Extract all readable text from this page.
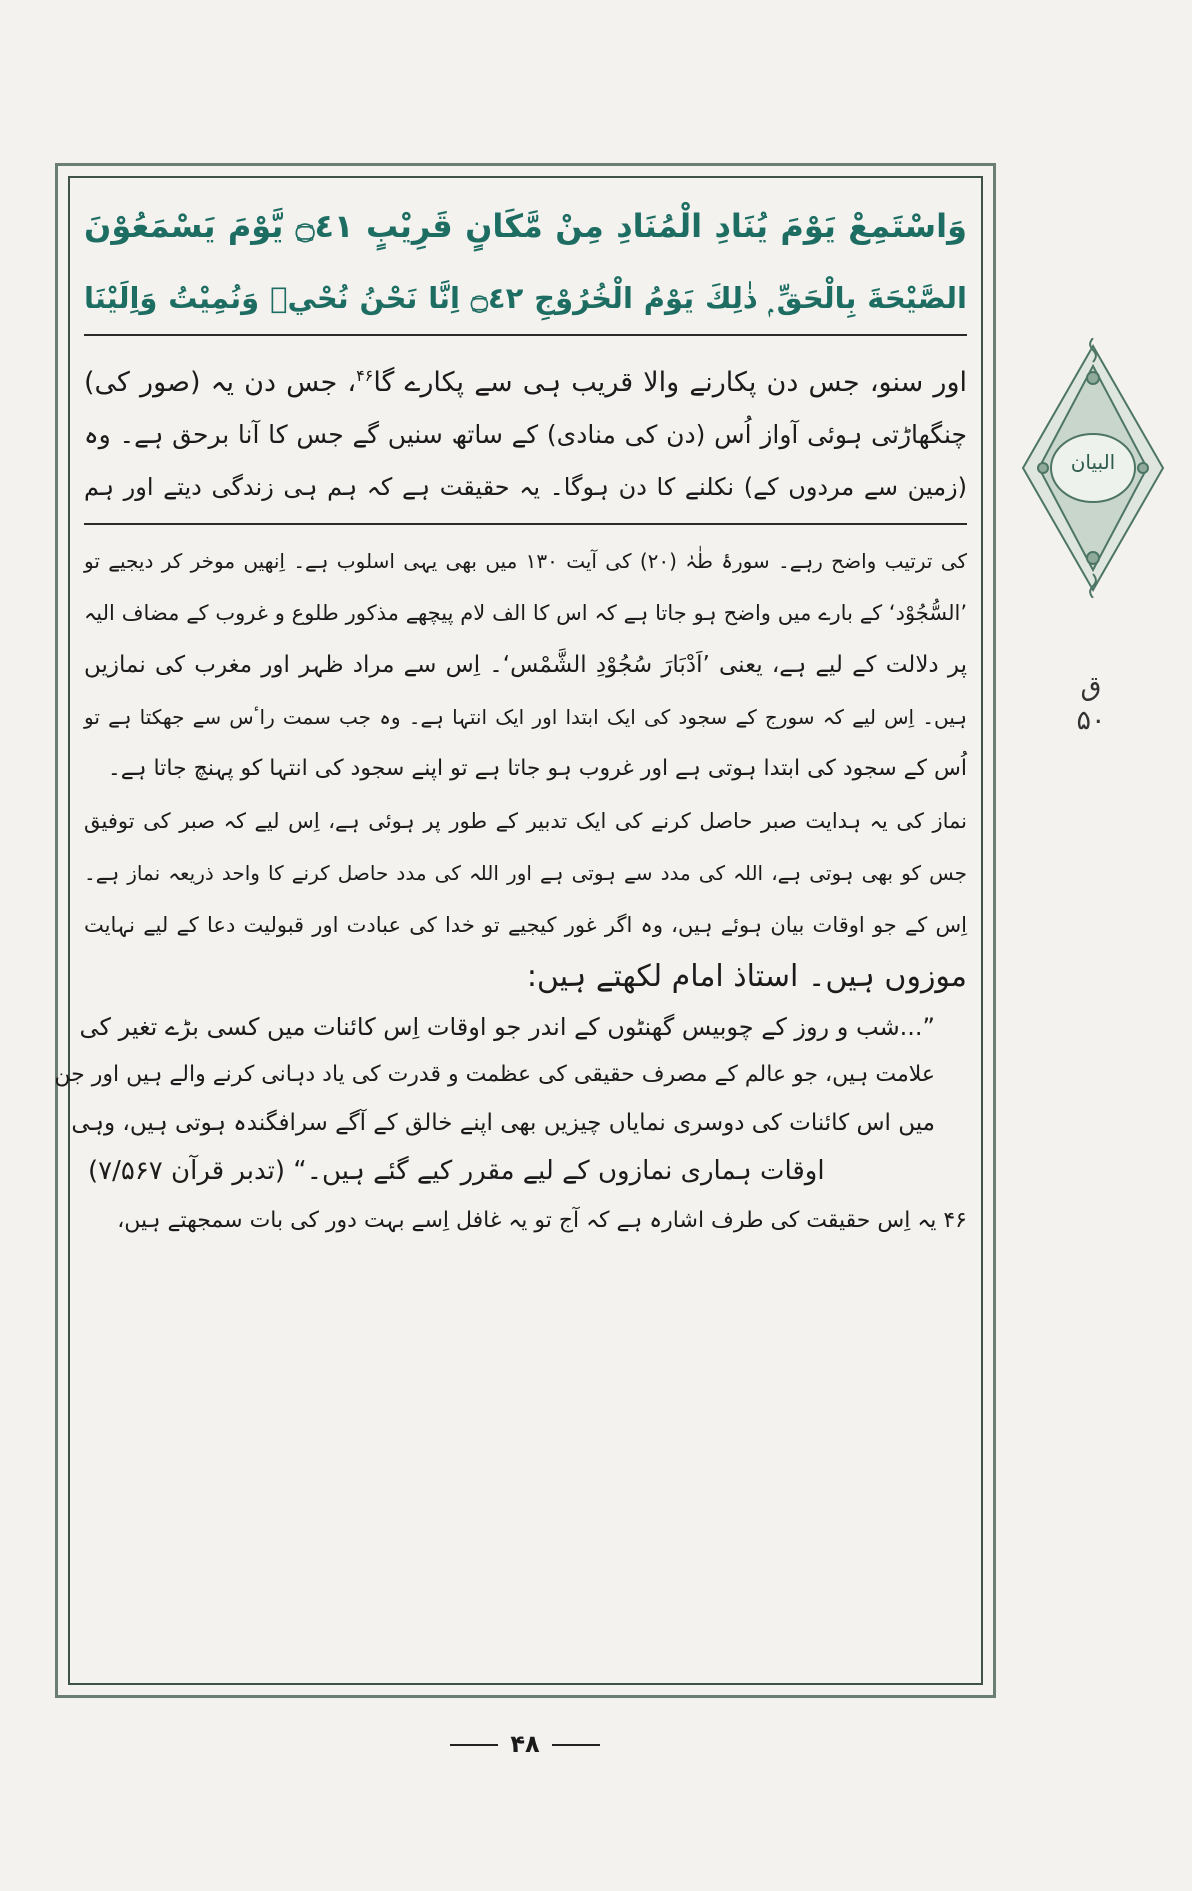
وَاسْتَمِعْ يَوْمَ يُنَادِ الْمُنَادِ مِنْ مَّكَانٍ قَرِيْبٍ ۝٤١ يَّوْمَ يَسْمَعُوْنَ

الصَّيْحَةَ بِالْحَقِّ ۭ ذٰلِكَ يَوْمُ الْخُرُوْجِ ۝٤٢ اِنَّا نَحْنُ نُحْيٖ وَنُمِيْتُ وَاِلَيْنَا

اور سنو، جس دن پکارنے والا قریب ہی سے پکارے گا$^{۴۶}$، جس دن یہ (صور کی)

چنگھاڑتی ہوئی آواز اُس (دن کی منادی) کے ساتھ سنیں گے جس کا آنا برحق ہے۔ وہ

(زمین سے مردوں کے) نکلنے کا دن ہوگا۔ یہ حقیقت ہے کہ ہم ہی زندگی دیتے اور ہم

کی ترتیب واضح رہے۔ سورۂ طٰہٰ (۲۰) کی آیت ۱۳۰ میں بھی یہی اسلوب ہے۔ اِنھیں موخر کر دیجیے تو

’السُّجُوْد‘ کے بارے میں واضح ہو جاتا ہے کہ اس کا الف لام پیچھے مذکور طلوع و غروب کے مضاف الیہ

پر دلالت کے لیے ہے، یعنی ’اَدْبَارَ سُجُوْدِ الشَّمْس‘۔ اِس سے مراد ظہر اور مغرب کی نمازیں

ہیں۔ اِس لیے کہ سورج کے سجود کی ایک ابتدا اور ایک انتہا ہے۔ وہ جب سمت راٴس سے جھکتا ہے تو

اُس کے سجود کی ابتدا ہوتی ہے اور غروب ہو جاتا ہے تو اپنے سجود کی انتہا کو پہنچ جاتا ہے۔

نماز کی یہ ہدایت صبر حاصل کرنے کی ایک تدبیر کے طور پر ہوئی ہے، اِس لیے کہ صبر کی توفیق

جس کو بھی ہوتی ہے، اللہ کی مدد سے ہوتی ہے اور اللہ کی مدد حاصل کرنے کا واحد ذریعہ نماز ہے۔

اِس کے جو اوقات بیان ہوئے ہیں، وہ اگر غور کیجیے تو خدا کی عبادت اور قبولیت دعا کے لیے نہایت

موزوں ہیں۔ استاذ امام لکھتے ہیں:

”...شب و روز کے چوبیس گھنٹوں کے اندر جو اوقات اِس کائنات میں کسی بڑے تغیر کی

علامت ہیں، جو عالم کے مصرف حقیقی کی عظمت و قدرت کی یاد دہانی کرنے والے ہیں اور جن

میں اس کائنات کی دوسری نمایاں چیزیں بھی اپنے خالق کے آگے سرافگندہ ہوتی ہیں، وہی

اوقات ہماری نمازوں کے لیے مقرر کیے گئے ہیں۔“ (تدبر قرآن ۷/۵۶۷)

۴۶ یہ اِس حقیقت کی طرف اشارہ ہے کہ آج تو یہ غافل اِسے بہت دور کی بات سمجھتے ہیں،

البیان
ق
۵۰
۴۸
